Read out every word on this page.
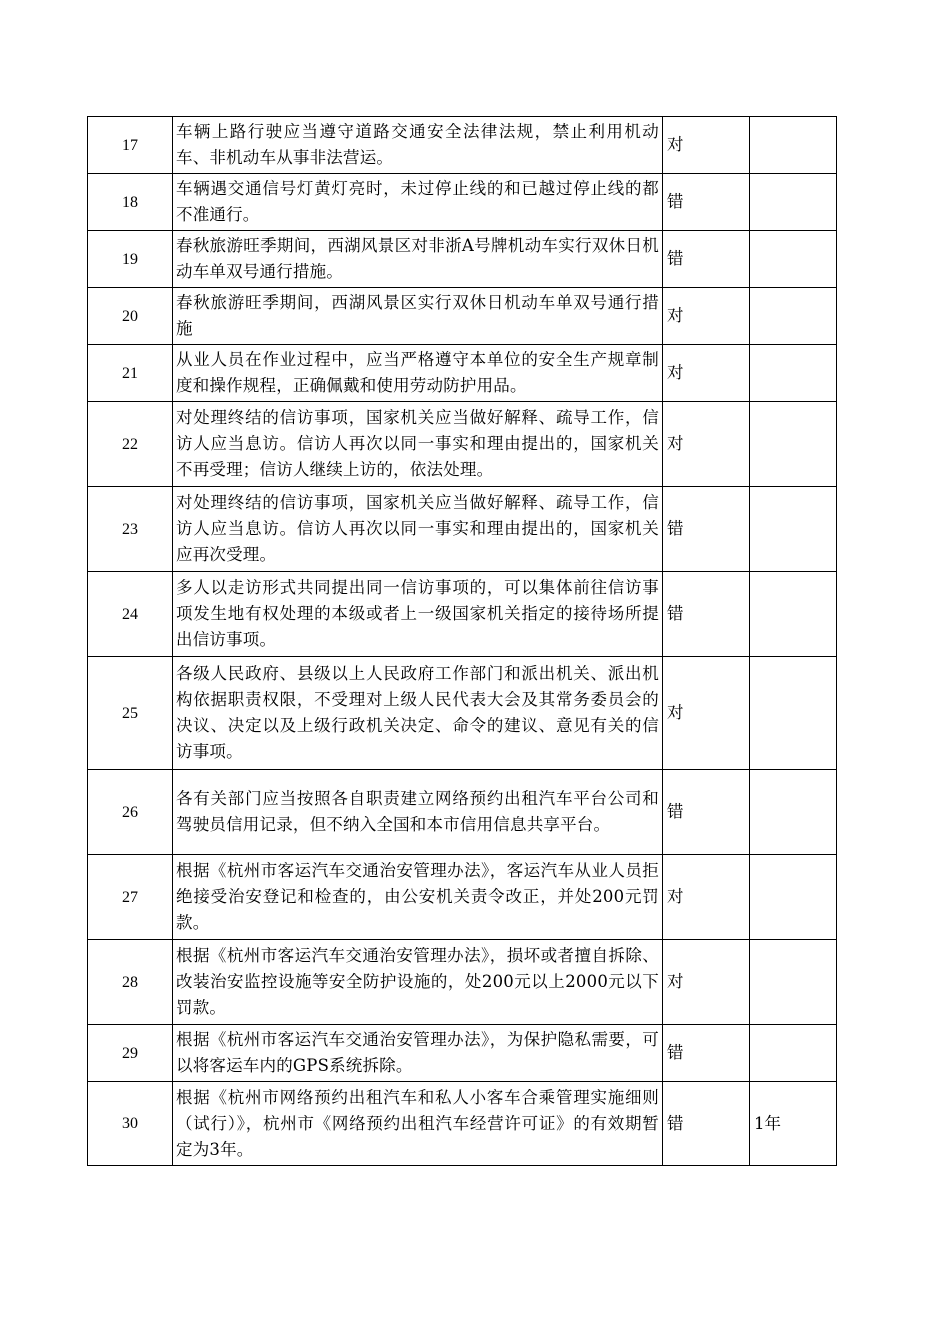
17	车辆上路行驶应当遵守道路交通安全法律法规，禁止利用机动车、非机动车从事非法营运。	对	
18	车辆遇交通信号灯黄灯亮时，未过停止线的和已越过停止线的都不准通行。	错	
19	春秋旅游旺季期间，西湖风景区对非浙A号牌机动车实行双休日机动车单双号通行措施。	错	
20	春秋旅游旺季期间，西湖风景区实行双休日机动车单双号通行措施	对	
21	从业人员在作业过程中，应当严格遵守本单位的安全生产规章制度和操作规程，正确佩戴和使用劳动防护用品。	对	
22	对处理终结的信访事项，国家机关应当做好解释、疏导工作，信访人应当息访。信访人再次以同一事实和理由提出的，国家机关不再受理；信访人继续上访的，依法处理。	对	
23	对处理终结的信访事项，国家机关应当做好解释、疏导工作，信访人应当息访。信访人再次以同一事实和理由提出的，国家机关应再次受理。	错	
24	多人以走访形式共同提出同一信访事项的，可以集体前往信访事项发生地有权处理的本级或者上一级国家机关指定的接待场所提出信访事项。	错	
25	各级人民政府、县级以上人民政府工作部门和派出机关、派出机构依据职责权限，不受理对上级人民代表大会及其常务委员会的决议、决定以及上级行政机关决定、命令的建议、意见有关的信访事项。	对	
26	各有关部门应当按照各自职责建立网络预约出租汽车平台公司和驾驶员信用记录，但不纳入全国和本市信用信息共享平台。	错	
27	根据《杭州市客运汽车交通治安管理办法》，客运汽车从业人员拒绝接受治安登记和检查的，由公安机关责令改正，并处200元罚款。	对	
28	根据《杭州市客运汽车交通治安管理办法》，损坏或者擅自拆除、改装治安监控设施等安全防护设施的，处200元以上2000元以下罚款。	对	
29	根据《杭州市客运汽车交通治安管理办法》，为保护隐私需要，可以将客运车内的GPS系统拆除。	错	
30	根据《杭州市网络预约出租汽车和私人小客车合乘管理实施细则（试行）》，杭州市《网络预约出租汽车经营许可证》的有效期暂定为3年。	错	1年
